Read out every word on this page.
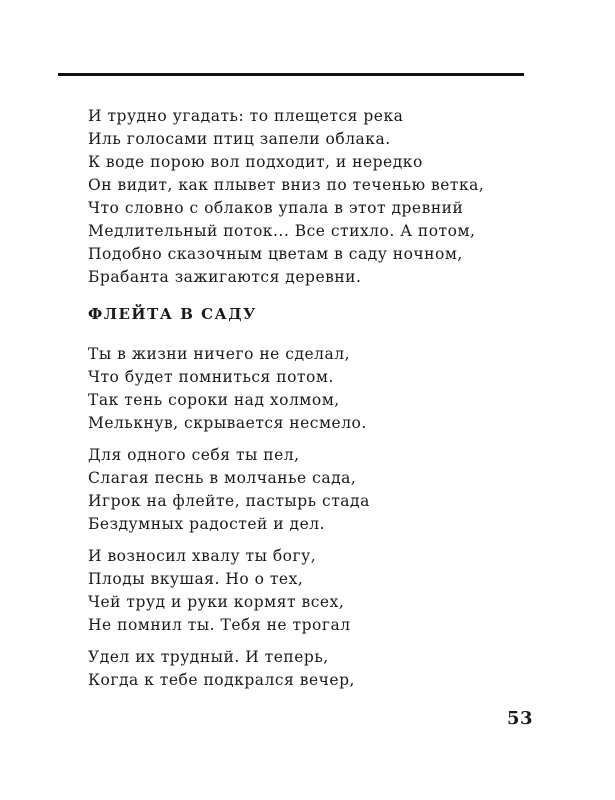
И трудно угадать: то плещется река
Иль голосами птиц запели облака.
К воде порою вол подходит, и нередко
Он видит, как плывет вниз по теченью ветка,
Что словно с облаков упала в этот древний
Медлительный поток... Все стихло. А потом,
Подобно сказочным цветам в саду ночном,
Брабанта зажигаются деревни.
ФЛЕЙТА В САДУ
Ты в жизни ничего не сделал,
Что будет помниться потом.
Так тень сороки над холмом,
Мелькнув, скрывается несмело.
Для одного себя ты пел,
Слагая песнь в молчанье сада,
Игрок на флейте, пастырь стада
Бездумных радостей и дел.
И возносил хвалу ты богу,
Плоды вкушая. Но о тех,
Чей труд и руки кормят всех,
Не помнил ты. Тебя не трогал
Удел их трудный. И теперь,
Когда к тебе подкрался вечер,
53
